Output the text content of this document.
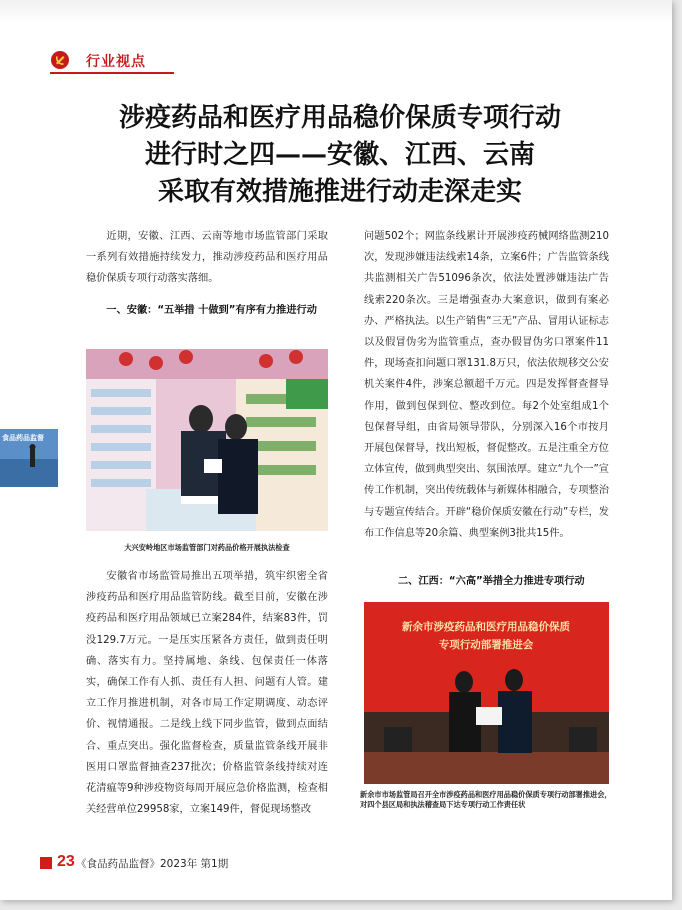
行业视点
涉疫药品和医疗用品稳价保质专项行动
进行时之四——安徽、江西、云南
采取有效措施推进行动走深走实

近期，安徽、江西、云南等地市场监管部门采取一系列有效措施持续发力，推动涉疫药品和医疗用品稳价保质专项行动落实落细。

一、安徽：“五举措 十做到”有序有力推进行动
大兴安岭地区市场监管部门对药品价格开展执法检查

安徽省市场监管局推出五项举措，筑牢织密全省涉疫药品和医疗用品监管防线。截至目前，安徽在涉疫药品和医疗用品领域已立案284件，结案83件，罚没129.7万元。一是压实压紧各方责任，做到责任明确、落实有力。坚持属地、条线、包保责任一体落实，确保工作有人抓、责任有人担、问题有人管。建立工作月推进机制，对各市局工作定期调度、动态评价、视情通报。二是线上线下同步监管，做到点面结合、重点突出。强化监督检查，质量监管条线开展非医用口罩监督抽查237批次；价格监管条线持续对连花清瘟等9种涉疫物资每周开展应急价格监测，检查相关经营单位29958家，立案149件，督促现场整改

问题502个；网监条线累计开展涉疫药械网络监测210次，发现涉嫌违法线索14条，立案6件；广告监管条线共监测相关广告51096条次，依法处置涉嫌违法广告线索220条次。三是增强查办大案意识，做到有案必办、严格执法。以生产销售“三无”产品、冒用认证标志以及假冒伪劣为监管重点，查办假冒伪劣口罩案件11件，现场查扣问题口罩131.8万只，依法依规移交公安机关案件4件，涉案总额超千万元。四是发挥督查督导作用，做到包保到位、整改到位。每2个处室组成1个包保督导组，由省局领导带队，分别深入16个市按月开展包保督导，找出短板，督促整改。五是注重全方位立体宣传，做到典型突出、氛围浓厚。建立“九个一”宣传工作机制，突出传统载体与新媒体相融合，专项整治与专题宣传结合。开辟“稳价保质安徽在行动”专栏，发布工作信息等20余篇、典型案例3批共15件。

二、江西：“六高”举措全力推进专项行动
新余市涉疫药品和医疗用品稳价保质
专项行动部署推进会
新余市市场监管局召开全市涉疫药品和医疗用品稳价保质专项行动部署推进会，对四个县区局和执法稽查局下达专项行动工作责任状
食品药品监督
23 《食品药品监督》2023年 第1期
